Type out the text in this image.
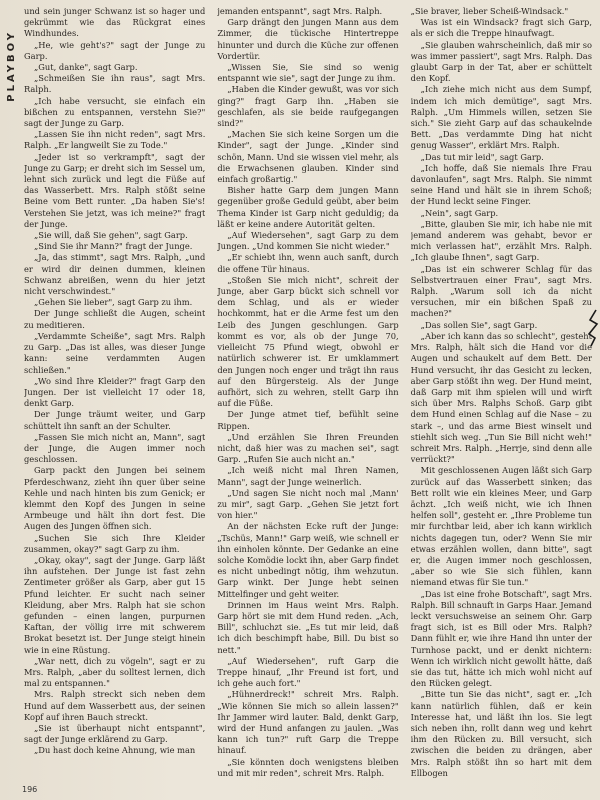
PLAYBOY

und sein junger Schwanz ist so hager und gekrümmt wie das Rückgrat eines Windhundes.

„He, wie geht's?" sagt der Junge zu Garp.

„Gut, danke", sagt Garp.

„Schmeißen Sie ihn raus", sagt Mrs. Ralph.

„Ich habe versucht, sie einfach ein bißchen zu entspannen, verstehn Sie?" sagt der Junge zu Garp.

„Lassen Sie ihn nicht reden", sagt Mrs. Ralph. „Er langweilt Sie zu Tode."

„Jeder ist so verkrampft", sagt der Junge zu Garp; er dreht sich im Sessel um, lehnt sich zurück und legt die Füße auf das Wasserbett. Mrs. Ralph stößt seine Beine vom Bett runter. „Da haben Sie's! Verstehen Sie jetzt, was ich meine?" fragt der Junge.

„Sie will, daß Sie gehen", sagt Garp.

„Sind Sie ihr Mann?" fragt der Junge.

„Ja, das stimmt", sagt Mrs. Ralph, „und er wird dir deinen dummen, kleinen Schwanz abreißen, wenn du hier jetzt nicht verschwindest."

„Gehen Sie lieber", sagt Garp zu ihm.

Der Junge schließt die Augen, scheint zu meditieren.

„Verdammte Scheiße", sagt Mrs. Ralph zu Garp. „Das ist alles, was dieser Junge kann: seine verdammten Augen schließen."

„Wo sind Ihre Kleider?" fragt Garp den Jungen. Der ist vielleicht 17 oder 18, denkt Garp.

Der Junge träumt weiter, und Garp schüttelt ihn sanft an der Schulter.

„Fassen Sie mich nicht an, Mann", sagt der Junge, die Augen immer noch geschlossen.

Garp packt den Jungen bei seinem Pferdeschwanz, zieht ihn quer über seine Kehle und nach hinten bis zum Genick; er klemmt den Kopf des Jungen in seine Armbeuge und hält ihn dort fest. Die Augen des Jungen öffnen sich.

„Suchen Sie sich Ihre Kleider zusammen, okay?" sagt Garp zu ihm.

„Okay, okay", sagt der Junge. Garp läßt ihn aufstehen. Der Junge ist fast zehn Zentimeter größer als Garp, aber gut 15 Pfund leichter. Er sucht nach seiner Kleidung, aber Mrs. Ralph hat sie schon gefunden – einen langen, purpurnen Kaftan, der völlig irre mit schwerem Brokat besetzt ist. Der Junge steigt hinein wie in eine Rüstung.

„War nett, dich zu vögeln", sagt er zu Mrs. Ralph, „aber du solltest lernen, dich mal zu entspannen."

Mrs. Ralph streckt sich neben dem Hund auf dem Wasserbett aus, der seinen Kopf auf ihren Bauch streckt.

„Sie ist überhaupt nicht entspannt", sagt der Junge erklärend zu Garp.

„Du hast doch keine Ahnung, wie man

jemanden entspannt", sagt Mrs. Ralph.

Garp drängt den jungen Mann aus dem Zimmer, die tückische Hintertreppe hinunter und durch die Küche zur offenen Vordertür.

„Wissen Sie, Sie sind so wenig entspannt wie sie", sagt der Junge zu ihm.

„Haben die Kinder gewußt, was vor sich ging?" fragt Garp ihn. „Haben sie geschlafen, als sie beide raufgegangen sind?"

„Machen Sie sich keine Sorgen um die Kinder", sagt der Junge. „Kinder sind schön, Mann. Und sie wissen viel mehr, als die Erwachsenen glauben. Kinder sind einfach großartig."

Bisher hatte Garp dem jungen Mann gegenüber große Geduld geübt, aber beim Thema Kinder ist Garp nicht geduldig; da läßt er keine andere Autorität gelten.

„Auf Wiedersehen", sagt Garp zu dem Jungen. „Und kommen Sie nicht wieder."

„Er schiebt ihn, wenn auch sanft, durch die offene Tür hinaus.

„Stoßen Sie mich nicht", schreit der Junge, aber Garp bückt sich schnell vor dem Schlag, und als er wieder hochkommt, hat er die Arme fest um den Leib des Jungen geschlungen. Garp kommt es vor, als ob der Junge 70, vielleicht 75 Pfund wiegt, obwohl er natürlich schwerer ist. Er umklammert den Jungen noch enger und trägt ihn raus auf den Bürgersteig. Als der Junge aufhört, sich zu wehren, stellt Garp ihn auf die Füße.

Der Junge atmet tief, befühlt seine Rippen.

„Und erzählen Sie Ihren Freunden nicht, daß hier was zu machen sei", sagt Garp. „Rufen Sie auch nicht an."

„Ich weiß nicht mal Ihren Namen, Mann", sagt der Junge weinerlich.

„Und sagen Sie nicht noch mal ‚Mann' zu mir", sagt Garp. „Gehen Sie jetzt fort von hier."

An der nächsten Ecke ruft der Junge: „Tschüs, Mann!" Garp weiß, wie schnell er ihn einholen könnte. Der Gedanke an eine solche Komödie lockt ihn, aber Garp findet es nicht unbedingt nötig, ihm wehzutun. Garp winkt. Der Junge hebt seinen Mittelfinger und geht weiter.

Drinnen im Haus weint Mrs. Ralph. Garp hört sie mit dem Hund reden. „Ach, Bill", schluchzt sie. „Es tut mir leid, daß ich dich beschimpft habe, Bill. Du bist so nett."

„Auf Wiedersehen", ruft Garp die Treppe hinauf, „Ihr Freund ist fort, und ich gehe auch fort."

„Hühnerdreck!" schreit Mrs. Ralph. „Wie können Sie mich so allein lassen?" Ihr Jammer wird lauter. Bald, denkt Garp, wird der Hund anfangen zu jaulen. „Was kann ich tun?" ruft Garp die Treppe hinauf.

„Sie könnten doch wenigstens bleiben und mit mir reden", schreit Mrs. Ralph.

„Sie braver, lieber Scheiß-Windsack."

Was ist ein Windsack? fragt sich Garp, als er sich die Treppe hinaufwagt.

„Sie glauben wahrscheinlich, daß mir so was immer passiert", sagt Mrs. Ralph. Das glaubt Garp in der Tat, aber er schüttelt den Kopf.

„Ich ziehe mich nicht aus dem Sumpf, indem ich mich demütige", sagt Mrs. Ralph. „Um Himmels willen, setzen Sie sich." Sie zieht Garp auf das schaukelnde Bett. „Das verdammte Ding hat nicht genug Wasser", erklärt Mrs. Ralph.

„Das tut mir leid", sagt Garp.

„Ich hoffe, daß Sie niemals Ihre Frau davonlaufen", sagt Mrs. Ralph. Sie nimmt seine Hand und hält sie in ihrem Schoß; der Hund leckt seine Finger.

„Nein", sagt Garp.

„Bitte, glauben Sie mir, ich habe nie mit jemand anderem was gehabt, bevor er mich verlassen hat", erzählt Mrs. Ralph. „Ich glaube Ihnen", sagt Garp.

„Das ist ein schwerer Schlag für das Selbstvertrauen einer Frau", sagt Mrs. Ralph. „Warum soll ich da nicht versuchen, mir ein bißchen Spaß zu machen?"

„Das sollen Sie", sagt Garp.

„Aber ich kann das so schlecht", gesteht Mrs. Ralph, hält sich die Hand vor die Augen und schaukelt auf dem Bett. Der Hund versucht, ihr das Gesicht zu lecken, aber Garp stößt ihn weg. Der Hund meint, daß Garp mit ihm spielen will und wirft sich über Mrs. Ralphs Schoß. Garp gibt dem Hund einen Schlag auf die Nase – zu stark –, und das arme Biest winselt und stiehlt sich weg. „Tun Sie Bill nicht weh!" schreit Mrs. Ralph. „Herrje, sind denn alle verrückt?"

Mit geschlossenen Augen läßt sich Garp zurück auf das Wasserbett sinken; das Bett rollt wie ein kleines Meer, und Garp ächzt. „Ich weiß nicht, wie ich Ihnen helfen soll", gesteht er. „Ihre Probleme tun mir furchtbar leid, aber ich kann wirklich nichts dagegen tun, oder? Wenn Sie mir etwas erzählen wollen, dann bitte", sagt er, die Augen immer noch geschlossen, „aber so wie Sie sich fühlen, kann niemand etwas für Sie tun."

„Das ist eine frohe Botschaft", sagt Mrs. Ralph. Bill schnauft in Garps Haar. Jemand leckt versuchsweise an seinem Ohr. Garp fragt sich, ist es Bill oder Mrs. Ralph? Dann fühlt er, wie ihre Hand ihn unter der Turnhose packt, und er denkt nichtern: Wenn ich wirklich nicht gewollt hätte, daß sie das tut, hätte ich mich wohl nicht auf den Rücken gelegt.

„Bitte tun Sie das nicht", sagt er. „Ich kann natürlich fühlen, daß er kein Interesse hat, und läßt ihn los. Sie legt sich neben ihn, rollt dann weg und kehrt ihm den Rücken zu. Bill versucht, sich zwischen die beiden zu drängen, aber Mrs. Ralph stößt ihn so hart mit dem Ellbogen

196
